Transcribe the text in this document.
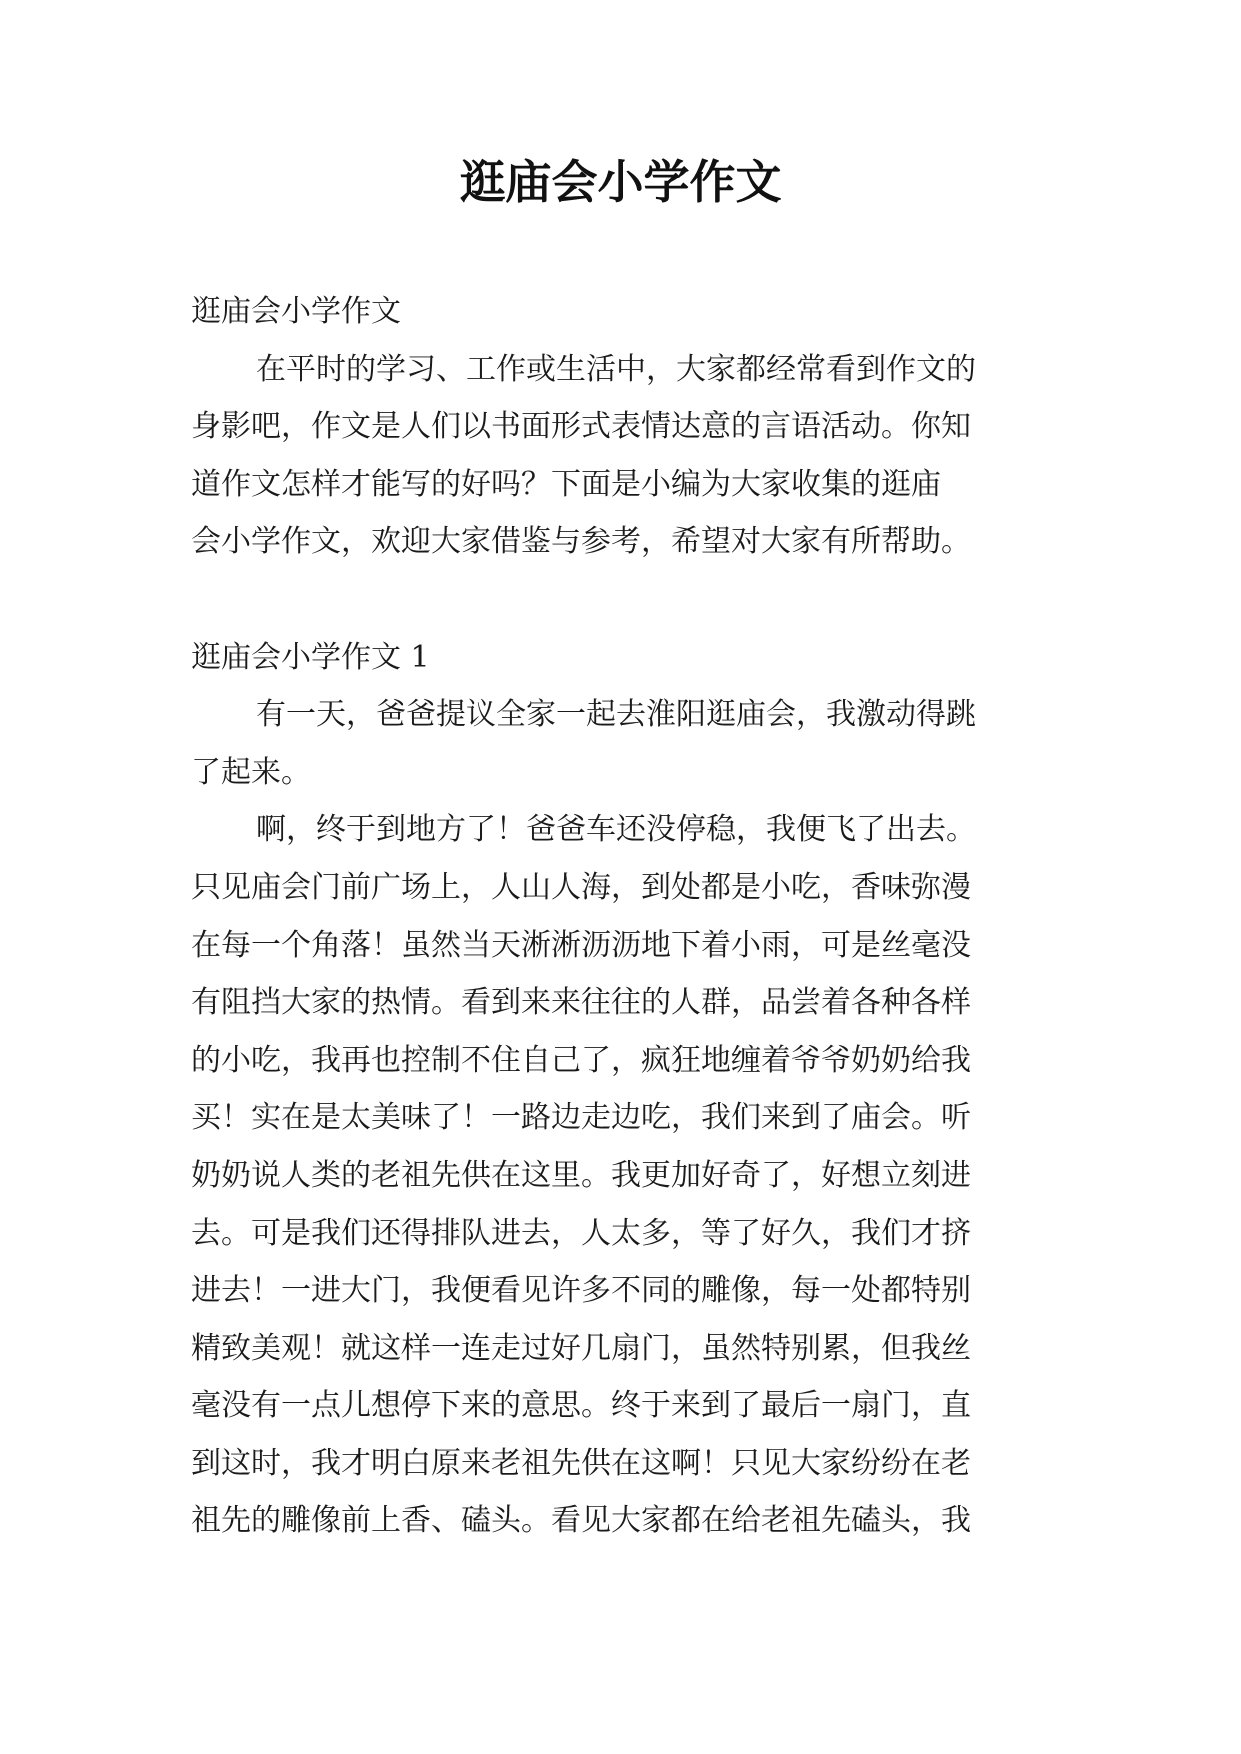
逛庙会小学作文
逛庙会小学作文
在平时的学习、工作或生活中，大家都经常看到作文的
身影吧，作文是人们以书面形式表情达意的言语活动。你知
道作文怎样才能写的好吗？下面是小编为大家收集的逛庙
会小学作文，欢迎大家借鉴与参考，希望对大家有所帮助。
逛庙会小学作文 1
有一天，爸爸提议全家一起去淮阳逛庙会，我激动得跳
了起来。
啊，终于到地方了！爸爸车还没停稳，我便飞了出去。
只见庙会门前广场上，人山人海，到处都是小吃，香味弥漫
在每一个角落！虽然当天淅淅沥沥地下着小雨，可是丝毫没
有阻挡大家的热情。看到来来往往的人群，品尝着各种各样
的小吃，我再也控制不住自己了，疯狂地缠着爷爷奶奶给我
买！实在是太美味了！一路边走边吃，我们来到了庙会。听
奶奶说人类的老祖先供在这里。我更加好奇了，好想立刻进
去。可是我们还得排队进去，人太多，等了好久，我们才挤
进去！一进大门，我便看见许多不同的雕像，每一处都特别
精致美观！就这样一连走过好几扇门，虽然特别累，但我丝
毫没有一点儿想停下来的意思。终于来到了最后一扇门，直
到这时，我才明白原来老祖先供在这啊！只见大家纷纷在老
祖先的雕像前上香、磕头。看见大家都在给老祖先磕头，我
